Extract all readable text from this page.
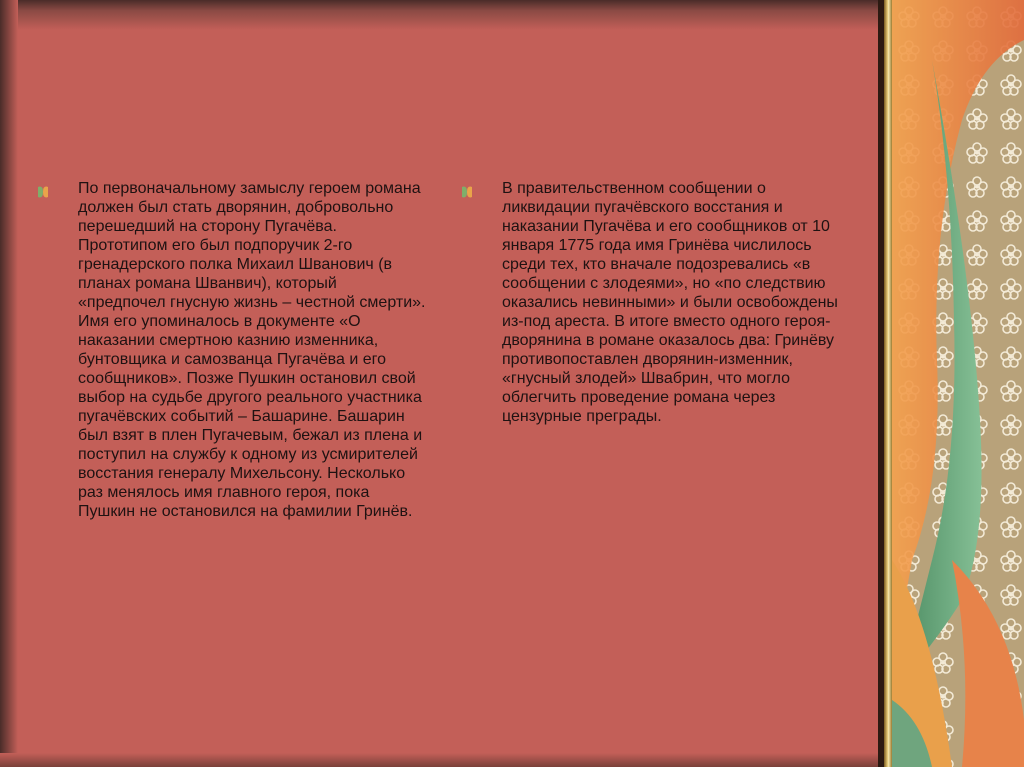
По первоначальному замыслу героем романа должен был стать дворянин, добровольно перешедший на сторону Пугачёва. Прототипом его был подпоручик 2-го гренадерского полка Михаил Шванович (в планах романа Шванвич), который «предпочел гнусную жизнь – честной смерти». Имя его упоминалось в документе «О наказании смертною казнию изменника, бунтовщика и самозванца Пугачёва и его сообщников». Позже Пушкин остановил свой выбор на судьбе другого реального участника пугачёвских событий – Башарине. Башарин был взят в плен Пугачевым, бежал из плена и поступил на службу к одному из усмирителей восстания генералу Михельсону. Несколько раз менялось имя главного героя, пока Пушкин не остановился на фамилии Гринёв.

В правительственном сообщении о ликвидации пугачёвского восстания и наказании Пугачёва и его сообщников от 10 января 1775 года имя Гринёва числилось среди тех, кто вначале подозревались «в сообщении с злодеями», но «по следствию оказались невинными» и были освобождены из-под ареста. В итоге вместо одного героя-дворянина в романе оказалось два: Гринёву противопоставлен дворянин-изменник, «гнусный злодей» Швабрин, что могло облегчить проведение романа через цензурные преграды.
